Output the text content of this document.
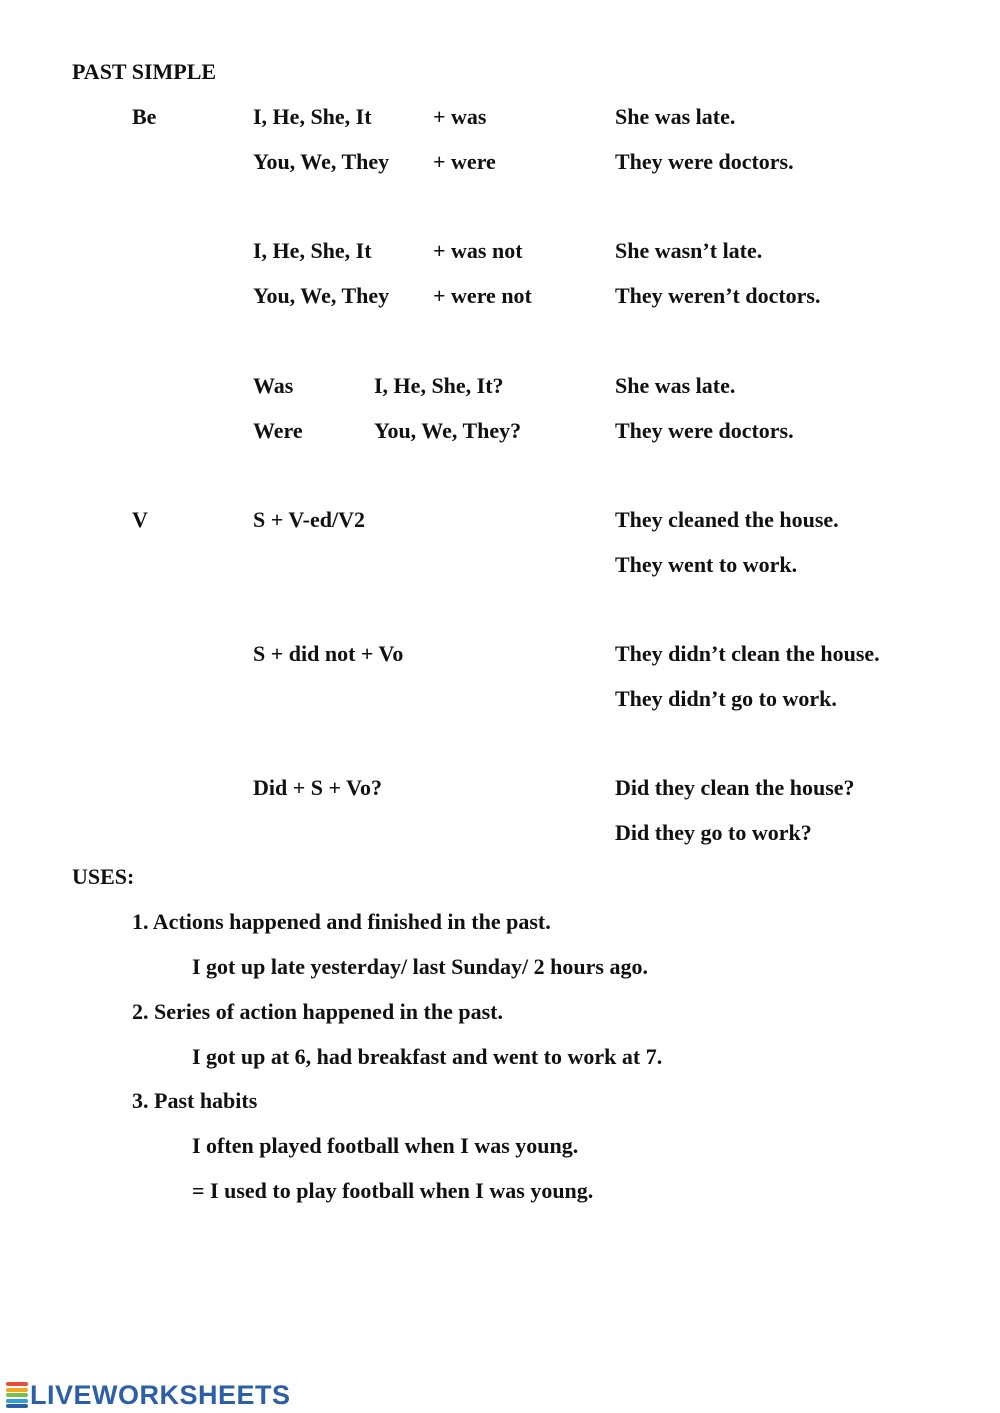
PAST SIMPLE
Be	I, He, She, It	+ was	She was late.
You, We, They + were	They were doctors.
I, He, She, It	+ was not	She wasn’t late.
You, We, They + were not	They weren’t doctors.
Was	I, He, She, It?	She was late.
Were	You, We, They?	They were doctors.
V	S + V-ed/V2	They cleaned the house.
They went to work.
S + did not + Vo	They didn’t clean the house.
They didn’t go to work.
Did + S + Vo?	Did they clean the house?
Did they go to work?
USES:
1. Actions happened and finished in the past.
I got up late yesterday/ last Sunday/ 2 hours ago.
2. Series of action happened in the past.
I got up at 6, had breakfast and went to work at 7.
3. Past habits
I often played football when I was young.
= I used to play football when I was young.
LIVEWORKSHEETS
